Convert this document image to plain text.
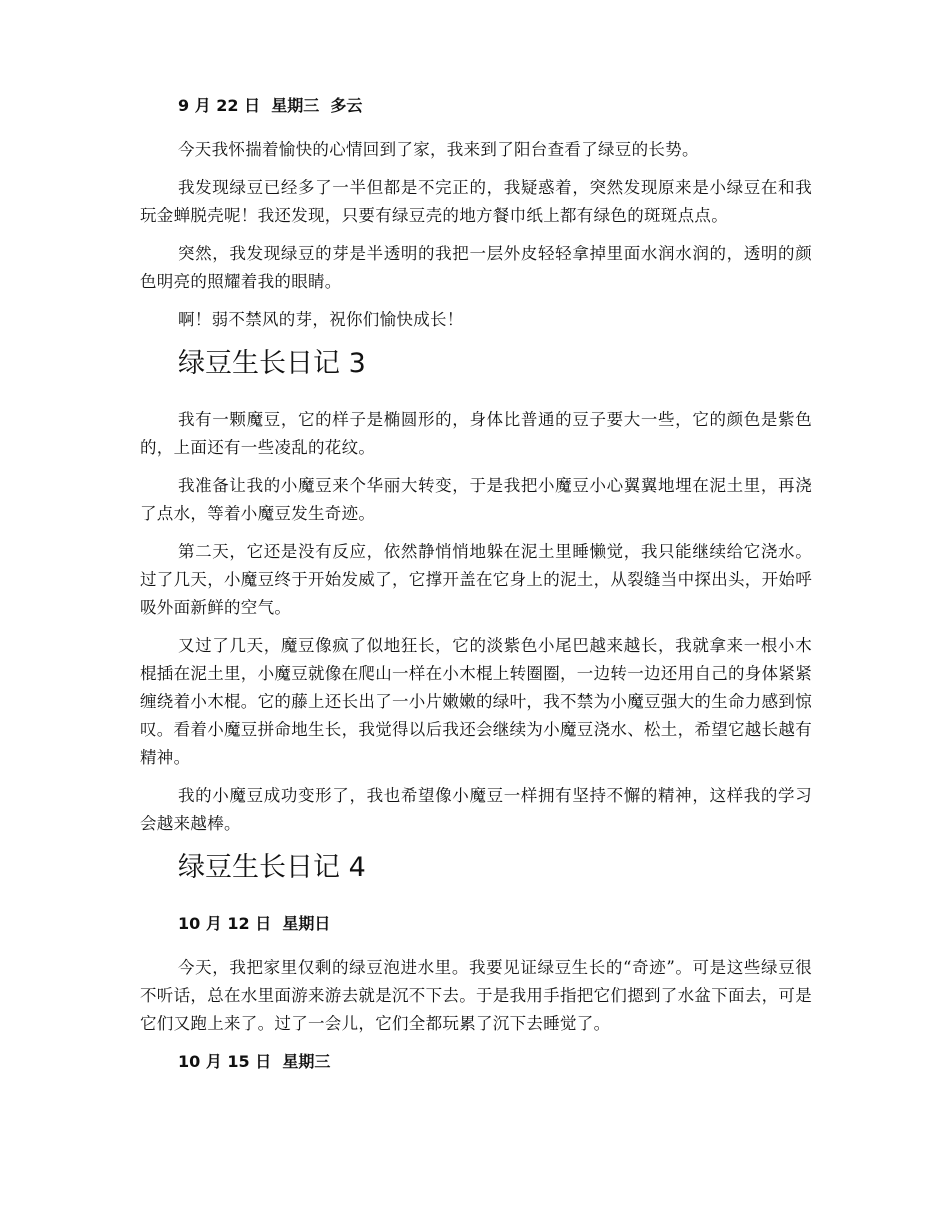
9 月 22 日  星期三  多云

今天我怀揣着愉快的心情回到了家，我来到了阳台查看了绿豆的长势。

我发现绿豆已经多了一半但都是不完正的，我疑惑着，突然发现原来是小绿豆在和我玩金蝉脱壳呢！我还发现，只要有绿豆壳的地方餐巾纸上都有绿色的斑斑点点。

突然，我发现绿豆的芽是半透明的我把一层外皮轻轻拿掉里面水润水润的，透明的颜色明亮的照耀着我的眼睛。

啊！弱不禁风的芽，祝你们愉快成长！

绿豆生长日记 3

我有一颗魔豆，它的样子是椭圆形的，身体比普通的豆子要大一些，它的颜色是紫色的，上面还有一些凌乱的花纹。

我准备让我的小魔豆来个华丽大转变，于是我把小魔豆小心翼翼地埋在泥土里，再浇了点水，等着小魔豆发生奇迹。

第二天，它还是没有反应，依然静悄悄地躲在泥土里睡懒觉，我只能继续给它浇水。过了几天，小魔豆终于开始发威了，它撑开盖在它身上的泥土，从裂缝当中探出头，开始呼吸外面新鲜的空气。

又过了几天，魔豆像疯了似地狂长，它的淡紫色小尾巴越来越长，我就拿来一根小木棍插在泥土里，小魔豆就像在爬山一样在小木棍上转圈圈，一边转一边还用自己的身体紧紧缠绕着小木棍。它的藤上还长出了一小片嫩嫩的绿叶，我不禁为小魔豆强大的生命力感到惊叹。看着小魔豆拼命地生长，我觉得以后我还会继续为小魔豆浇水、松土，希望它越长越有精神。

我的小魔豆成功变形了，我也希望像小魔豆一样拥有坚持不懈的精神，这样我的学习会越来越棒。

绿豆生长日记 4
10 月 12 日  星期日

今天，我把家里仅剩的绿豆泡进水里。我要见证绿豆生长的“奇迹”。可是这些绿豆很不听话，总在水里面游来游去就是沉不下去。于是我用手指把它们摁到了水盆下面去，可是它们又跑上来了。过了一会儿，它们全都玩累了沉下去睡觉了。

10 月 15 日  星期三
